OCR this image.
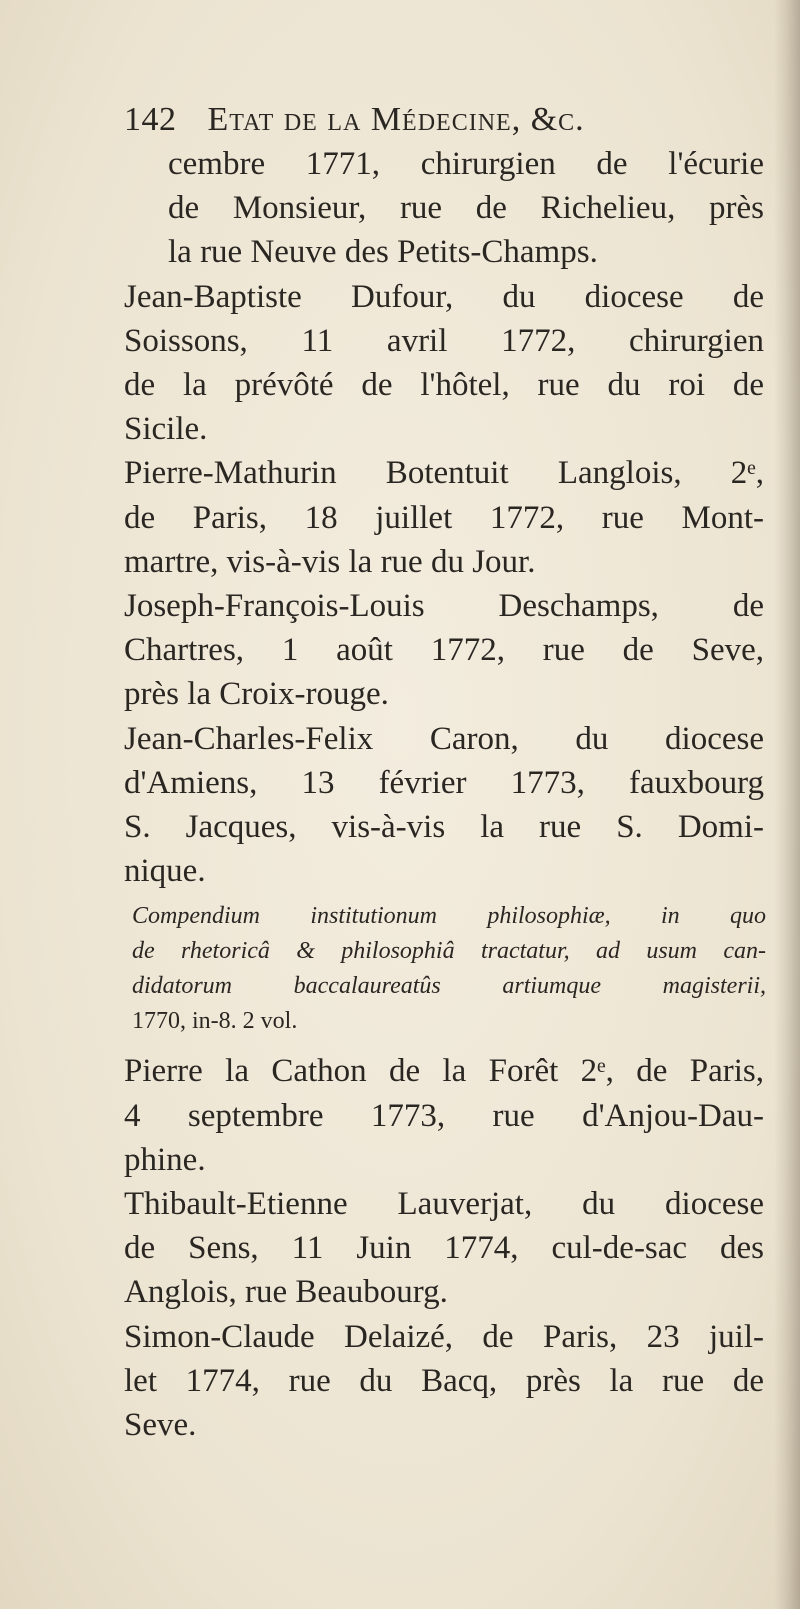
142 Etat de la Médecine, &c.
cembre 1771, chirurgien de l'écurie
de Monsieur, rue de Richelieu, près
la rue Neuve des Petits-Champs.
Jean-Baptiste Dufour, du diocese de
Soissons, 11 avril 1772, chirurgien
de la prévôté de l'hôtel, rue du roi de
Sicile.
Pierre-Mathurin Botentuit Langlois, 2ᵉ,
de Paris, 18 juillet 1772, rue Mont-
martre, vis-à-vis la rue du Jour.
Joseph-François-Louis Deschamps, de
Chartres, 1 août 1772, rue de Seve,
près la Croix-rouge.
Jean-Charles-Felix Caron, du diocese
d'Amiens, 13 février 1773, fauxbourg
S. Jacques, vis-à-vis la rue S. Domi-
nique.
Compendium institutionum philosophiæ, in quo
de rhetoricâ & philosophiâ tractatur, ad usum can-
didatorum baccalaureatûs artiumque magisterii,
1770, in-8. 2 vol.
Pierre la Cathon de la Forêt 2ᵉ, de Paris,
4 septembre 1773, rue d'Anjou-Dau-
phine.
Thibault-Etienne Lauverjat, du diocese
de Sens, 11 Juin 1774, cul-de-sac des
Anglois, rue Beaubourg.
Simon-Claude Delaizé, de Paris, 23 juil-
let 1774, rue du Bacq, près la rue de
Seve.
